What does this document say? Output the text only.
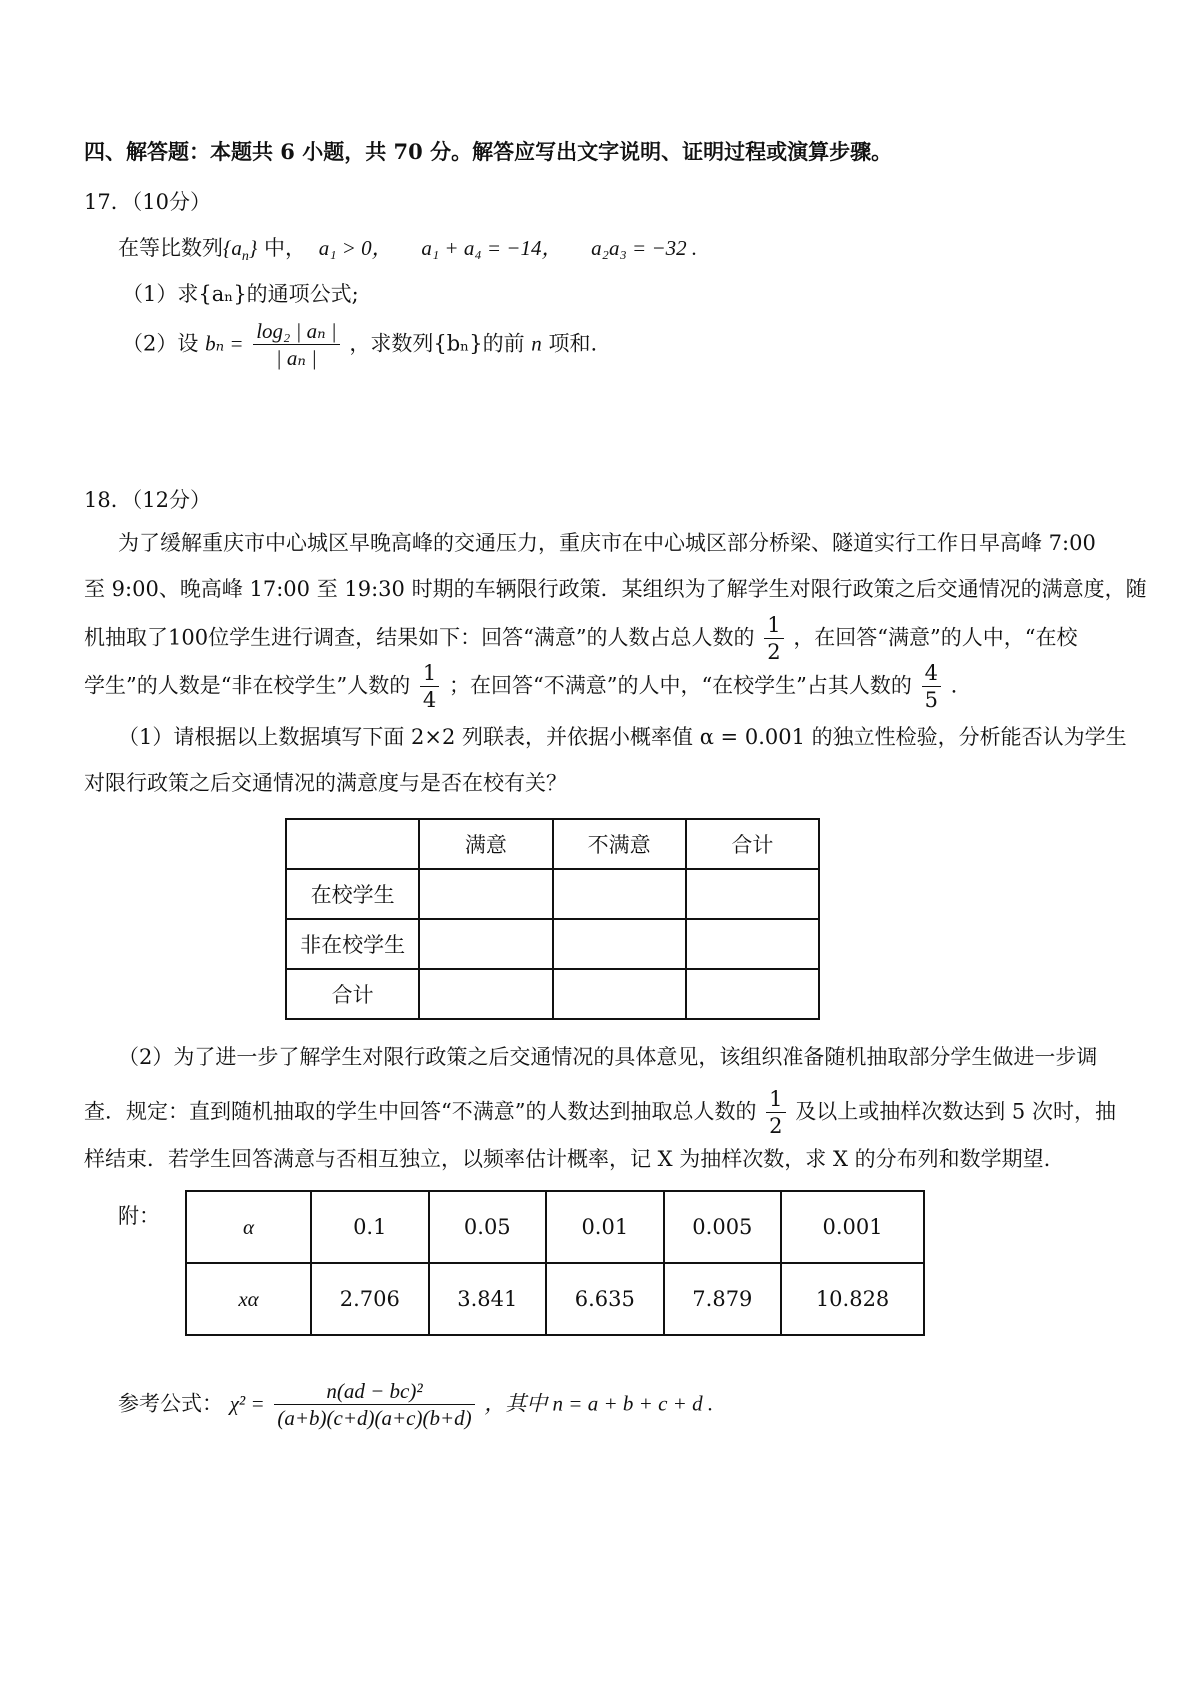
四、解答题：本题共 6 小题，共 70 分。解答应写出文字说明、证明过程或演算步骤。
17．（10分）
在等比数列$\{a_n\}$ 中， a₁ > 0， a₁ + a₄ = −14， a₂a₃ = −32 .
（1）求{aₙ}的通项公式;
（2）设 $b_n = \frac{\text{log₂ | aₙ |}}{\text{| aₙ |}}$ ，求数列{bₙ}的前 n 项和.
18．（12分）
为了缓解重庆市中心城区早晚高峰的交通压力，重庆市在中心城区部分桥梁、隧道实行工作日早高峰 7:00
至 9:00、晚高峰 17:00 至 19:30 时期的车辆限行政策．某组织为了解学生对限行政策之后交通情况的满意度，随
机抽取了100位学生进行调查，结果如下：回答“满意”的人数占总人数的 $\frac{1}{2}$ ，在回答“满意”的人中，“在校
学生”的人数是“非在校学生”人数的 $\frac{1}{4}$ ；在回答“不满意”的人中，“在校学生”占其人数的 $\frac{4}{5}$ .
（1）请根据以上数据填写下面 2×2 列联表，并依据小概率值 α = 0.001 的独立性检验，分析能否认为学生
对限行政策之后交通情况的满意度与是否在校有关？
	满意	不满意	合计
在校学生			
非在校学生			
合计			
（2）为了进一步了解学生对限行政策之后交通情况的具体意见，该组织准备随机抽取部分学生做进一步调
查．规定：直到随机抽取的学生中回答“不满意”的人数达到抽取总人数的 $\frac{1}{2}$ 及以上或抽样次数达到 5 次时，抽
样结束．若学生回答满意与否相互独立，以频率估计概率，记 X 为抽样次数，求 X 的分布列和数学期望.
附：	α	0.1	0.05	0.01	0.005	0.001
xα	2.706	3.841	6.635	7.879	10.828
参考公式： $\chi^2 = \frac{\text{n(ad − bc)²}}{(a+b)(c+d)(a+c)(b+d)}$ ，其中 n = a + b + c + d .
